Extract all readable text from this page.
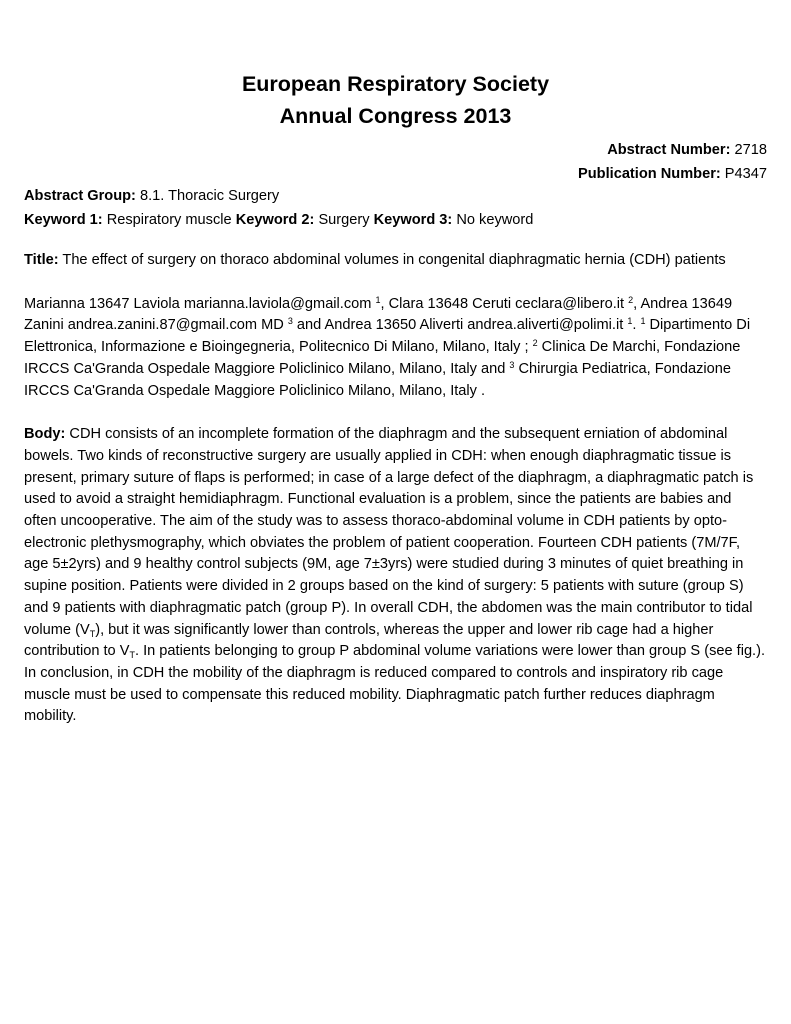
European Respiratory Society
Annual Congress 2013
Abstract Number: 2718
Publication Number: P4347
Abstract Group: 8.1. Thoracic Surgery
Keyword 1: Respiratory muscle Keyword 2: Surgery Keyword 3: No keyword

Title: The effect of surgery on thoraco abdominal volumes in congenital diaphragmatic hernia (CDH) patients

Marianna 13647 Laviola marianna.laviola@gmail.com $^1$, Clara 13648 Ceruti ceclara@libero.it $^2$, Andrea 13649 Zanini andrea.zanini.87@gmail.com MD $^3$ and Andrea 13650 Aliverti andrea.aliverti@polimi.it $^1$. $^1$ Dipartimento Di Elettronica, Informazione e Bioingegneria, Politecnico Di Milano, Milano, Italy ; $^2$ Clinica De Marchi, Fondazione IRCCS Ca'Granda Ospedale Maggiore Policlinico Milano, Milano, Italy and $^3$ Chirurgia Pediatrica, Fondazione IRCCS Ca'Granda Ospedale Maggiore Policlinico Milano, Milano, Italy .

Body: CDH consists of an incomplete formation of the diaphragm and the subsequent erniation of abdominal bowels. Two kinds of reconstructive surgery are usually applied in CDH: when enough diaphragmatic tissue is present, primary suture of flaps is performed; in case of a large defect of the diaphragm, a diaphragmatic patch is used to avoid a straight hemidiaphragm. Functional evaluation is a problem, since the patients are babies and often uncooperative. The aim of the study was to assess thoraco-abdominal volume in CDH patients by opto-electronic plethysmography, which obviates the problem of patient cooperation. Fourteen CDH patients (7M/7F, age 5±2yrs) and 9 healthy control subjects (9M, age 7±3yrs) were studied during 3 minutes of quiet breathing in supine position. Patients were divided in 2 groups based on the kind of surgery: 5 patients with suture (group S) and 9 patients with diaphragmatic patch (group P). In overall CDH, the abdomen was the main contributor to tidal volume $(V_T)$, but it was significantly lower than controls, whereas the upper and lower rib cage had a higher contribution to $V_T$. In patients belonging to group P abdominal volume variations were lower than group S (see fig.). In conclusion, in CDH the mobility of the diaphragm is reduced compared to controls and inspiratory rib cage muscle must be used to compensate this reduced mobility. Diaphragmatic patch further reduces diaphragm mobility.
